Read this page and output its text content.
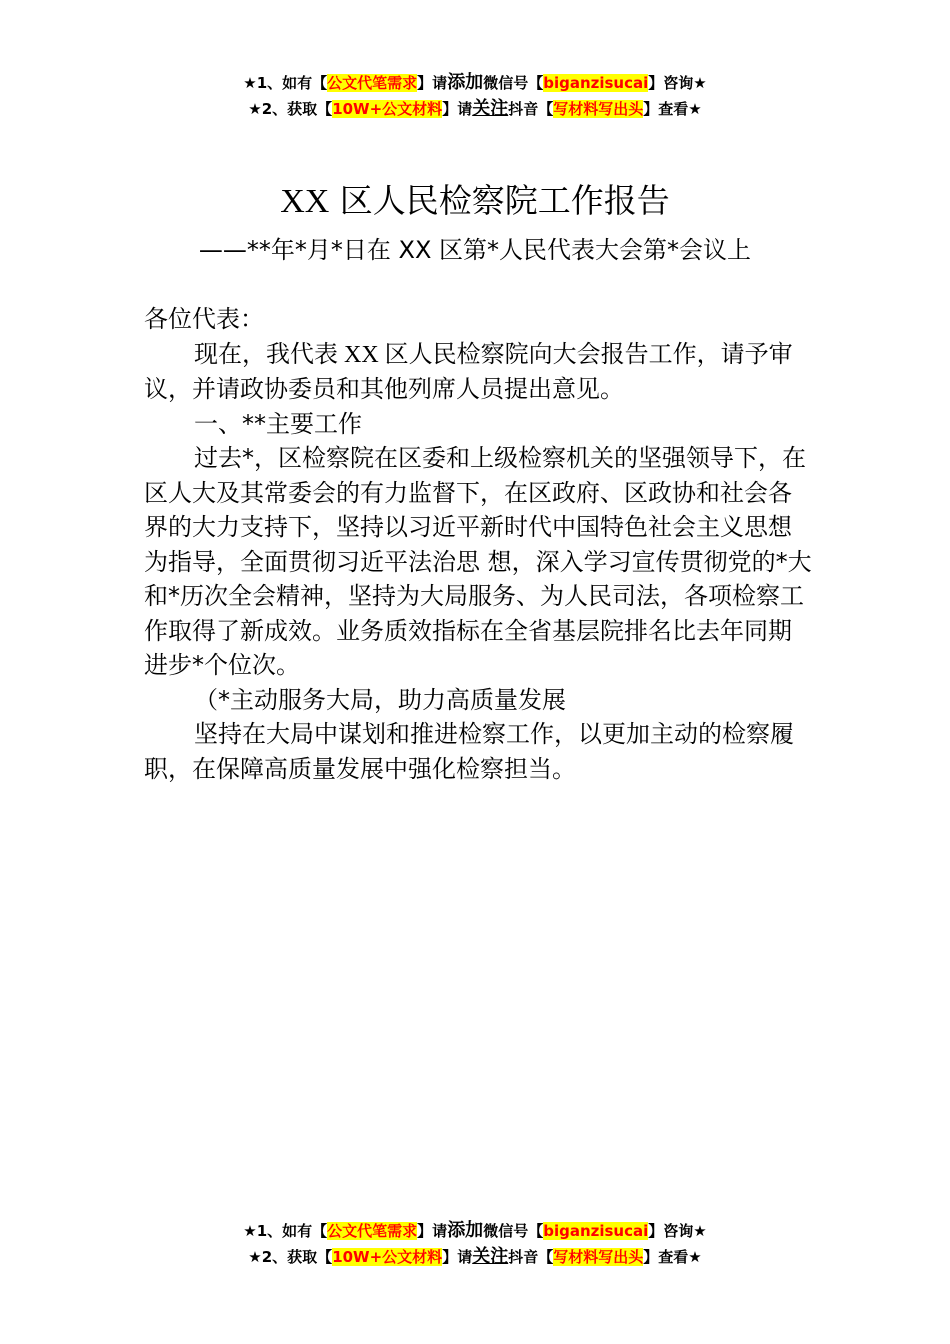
★1、如有【公文代笔需求】请添加微信号【biganzisucai】咨询★
★2、获取【10W+公文材料】请关注抖音【写材料写出头】查看★
XX 区人民检察院工作报告
——**年*月*日在 XX 区第*人民代表大会第*会议上

各位代表：

现在，我代表 XX 区人民检察院向大会报告工作，请予审议，并请政协委员和其他列席人员提出意见。

一、**主要工作

过去*，区检察院在区委和上级检察机关的坚强领导下，在区人大及其常委会的有力监督下，在区政府、区政协和社会各界的大力支持下，坚持以习近平新时代中国特色社会主义思想为指导，全面贯彻习近平法治思 想，深入学习宣传贯彻党的*大和*历次全会精神，坚持为大局服务、为人民司法，各项检察工作取得了新成效。业务质效指标在全省基层院排名比去年同期进步*个位次。

（*主动服务大局，助力高质量发展

坚持在大局中谋划和推进检察工作，以更加主动的检察履职，在保障高质量发展中强化检察担当。

★1、如有【公文代笔需求】请添加微信号【biganzisucai】咨询★
★2、获取【10W+公文材料】请关注抖音【写材料写出头】查看★
